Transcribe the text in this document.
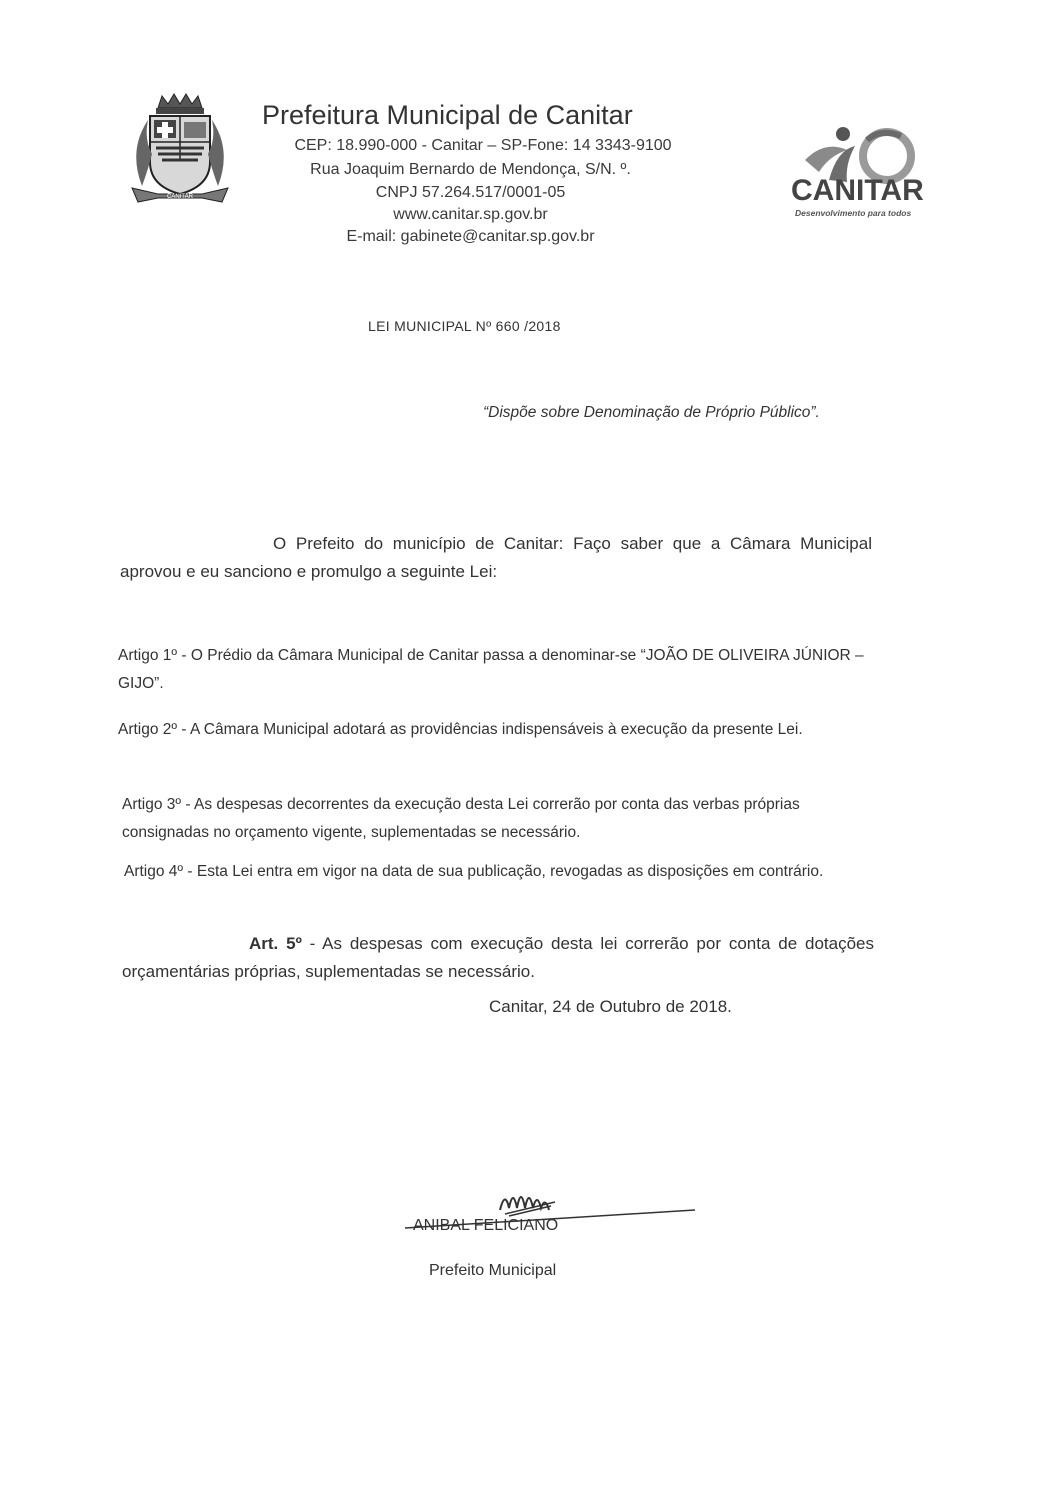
CANITAR
Prefeitura Municipal de Canitar
CEP: 18.990-000 - Canitar – SP-Fone: 14 3343-9100
Rua Joaquim Bernardo de Mendonça, S/N. º.
CNPJ 57.264.517/0001-05
www.canitar.sp.gov.br
E-mail: gabinete@canitar.sp.gov.br
CANITAR
Desenvolvimento para todos
LEI MUNICIPAL Nº 660 /2018
“Dispõe sobre Denominação de Próprio Público”.
O Prefeito do município de Canitar: Faço saber que a Câmara Municipal aprovou e eu sanciono e promulgo a seguinte Lei:
Artigo 1º - O Prédio da Câmara Municipal de Canitar passa a denominar-se “JOÃO DE OLIVEIRA JÚNIOR – GIJO”.
Artigo 2º - A Câmara Municipal adotará as providências indispensáveis à execução da presente Lei.
Artigo 3º - As despesas decorrentes da execução desta Lei correrão por conta das verbas próprias consignadas no orçamento vigente, suplementadas se necessário.
Artigo 4º - Esta Lei entra em vigor na data de sua publicação, revogadas as disposições em contrário.
Art. 5º - As despesas com execução desta lei correrão por conta de dotações orçamentárias próprias, suplementadas se necessário.
Canitar, 24 de Outubro de 2018.
ANIBAL FELICIANO
Prefeito Municipal
